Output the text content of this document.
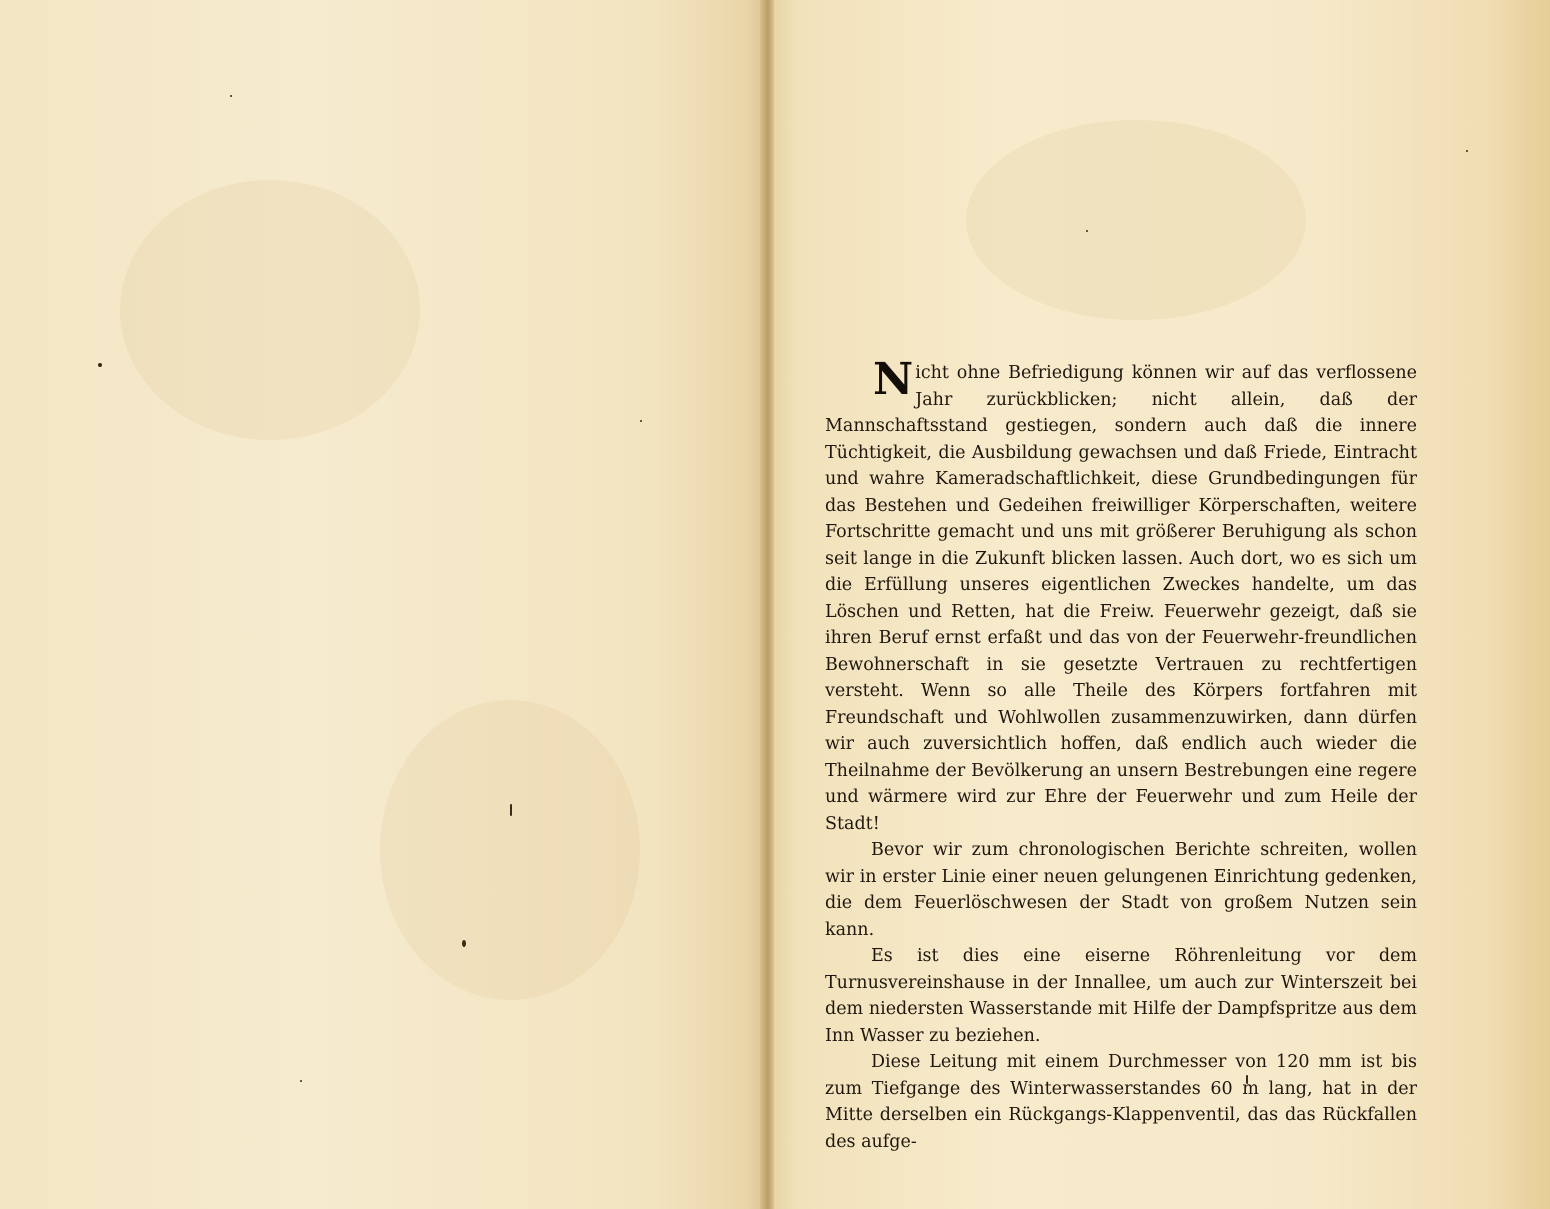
Nicht ohne Befriedigung können wir auf das verflossene Jahr zurückblicken; nicht allein, daß der Mannschaftsstand gestiegen, sondern auch daß die innere Tüchtigkeit, die Ausbildung gewachsen und daß Friede, Eintracht und wahre Kameradschaftlichkeit, diese Grundbedingungen für das Bestehen und Gedeihen freiwilliger Körperschaften, weitere Fortschritte gemacht und uns mit größerer Beruhigung als schon seit lange in die Zukunft blicken lassen. Auch dort, wo es sich um die Erfüllung unseres eigentlichen Zweckes handelte, um das Löschen und Retten, hat die Freiw. Feuerwehr gezeigt, daß sie ihren Beruf ernst erfaßt und das von der Feuerwehr-freundlichen Bewohnerschaft in sie gesetzte Vertrauen zu rechtfertigen versteht. Wenn so alle Theile des Körpers fortfahren mit Freundschaft und Wohlwollen zusammenzuwirken, dann dürfen wir auch zuversichtlich hoffen, daß endlich auch wieder die Theilnahme der Bevölkerung an unsern Bestrebungen eine regere und wärmere wird zur Ehre der Feuerwehr und zum Heile der Stadt!

Bevor wir zum chronologischen Berichte schreiten, wollen wir in erster Linie einer neuen gelungenen Einrichtung gedenken, die dem Feuerlöschwesen der Stadt von großem Nutzen sein kann.

Es ist dies eine eiserne Röhrenleitung vor dem Turnusvereinshause in der Innallee, um auch zur Winterszeit bei dem niedersten Wasserstande mit Hilfe der Dampfspritze aus dem Inn Wasser zu beziehen.

Diese Leitung mit einem Durchmesser von 120 mm ist bis zum Tiefgange des Winterwasserstandes 60 m lang, hat in der Mitte derselben ein Rückgangs-Klappenventil, das das Rückfallen des aufge-
